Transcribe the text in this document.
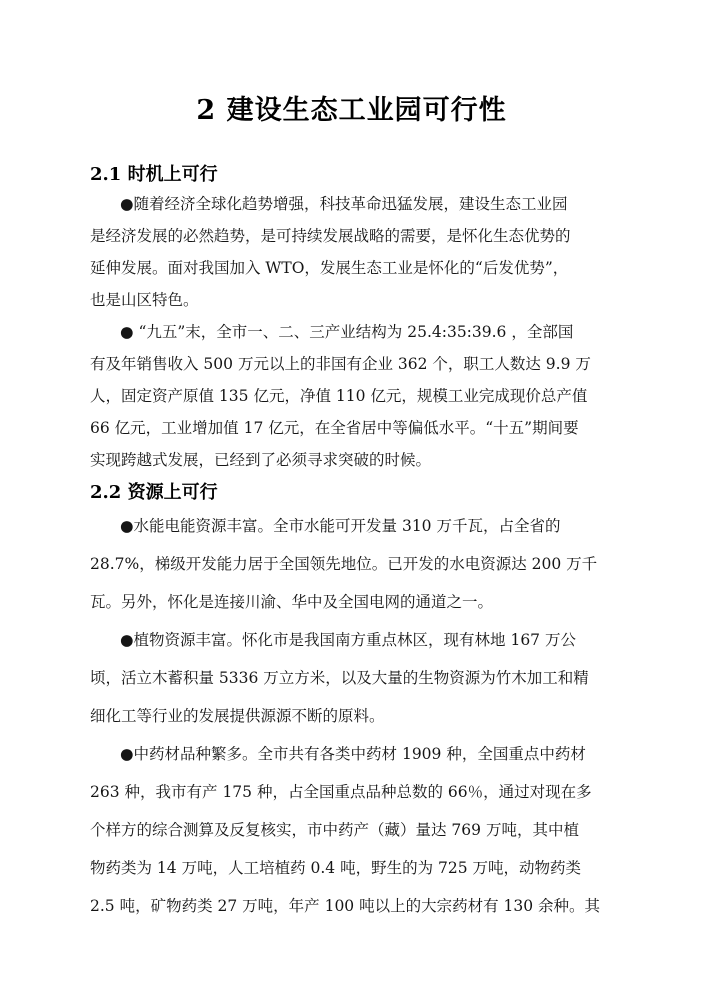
2 建设生态工业园可行性
2.1 时机上可行
●随着经济全球化趋势增强，科技革命迅猛发展，建设生态工业园
是经济发展的必然趋势，是可持续发展战略的需要，是怀化生态优势的
延伸发展。面对我国加入 WTO，发展生态工业是怀化的“后发优势”，
也是山区特色。
● “九五”末，全市一、二、三产业结构为 25.4:35:39.6 ，全部国
有及年销售收入 500 万元以上的非国有企业 362 个，职工人数达 9.9 万
人，固定资产原值 135 亿元，净值 110 亿元，规模工业完成现价总产值
66 亿元，工业增加值 17 亿元，在全省居中等偏低水平。“十五”期间要
实现跨越式发展，已经到了必须寻求突破的时候。
2.2 资源上可行
●水能电能资源丰富。全市水能可开发量 310 万千瓦，占全省的
28.7%，梯级开发能力居于全国领先地位。已开发的水电资源达 200 万千
瓦。另外，怀化是连接川渝、华中及全国电网的通道之一。
●植物资源丰富。怀化市是我国南方重点林区，现有林地 167 万公
顷，活立木蓄积量 5336 万立方米，以及大量的生物资源为竹木加工和精
细化工等行业的发展提供源源不断的原料。
●中药材品种繁多。全市共有各类中药材 1909 种，全国重点中药材
263 种，我市有产 175 种，占全国重点品种总数的 66％，通过对现在多
个样方的综合测算及反复核实，市中药产（藏）量达 769 万吨，其中植
物药类为 14 万吨，人工培植药 0.4 吨，野生的为 725 万吨，动物药类
2.5 吨，矿物药类 27 万吨，年产 100 吨以上的大宗药材有 130 余种。其
